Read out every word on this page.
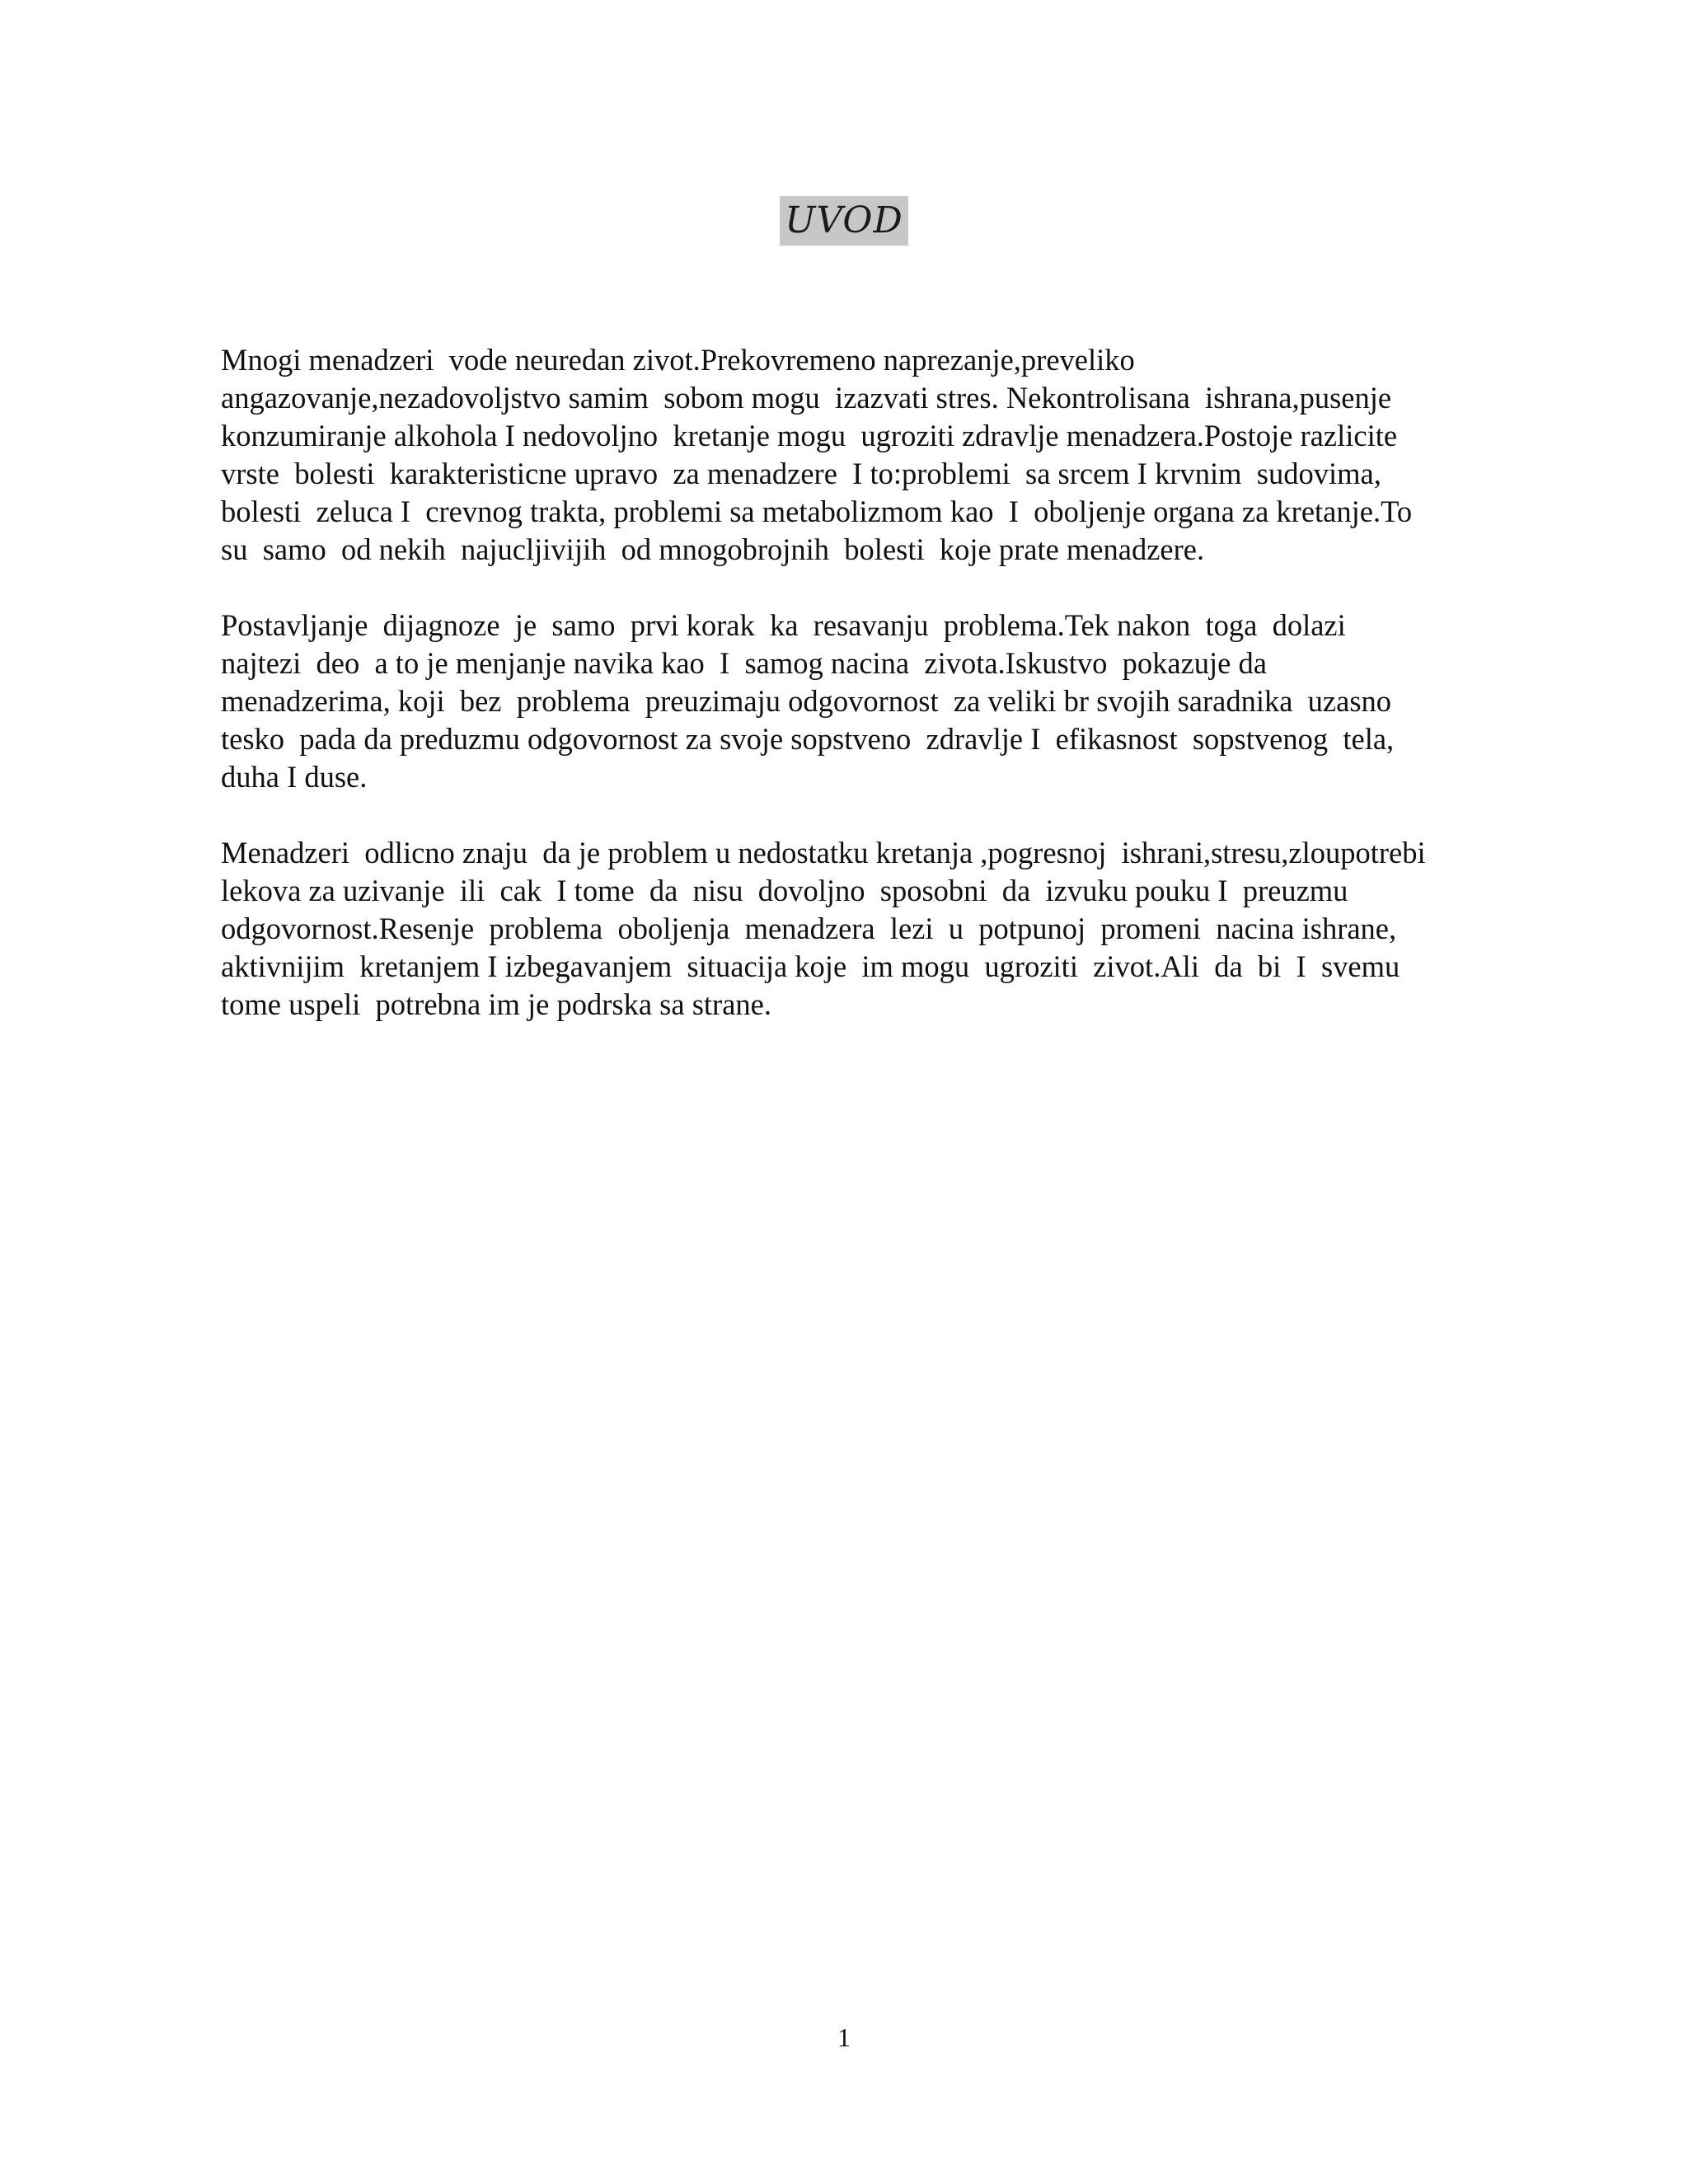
UVOD

Mnogi menadzeri  vode neuredan zivot.Prekovremeno naprezanje,preveliko
angazovanje,nezadovoljstvo samim  sobom mogu  izazvati stres. Nekontrolisana  ishrana,pusenje
konzumiranje alkohola I nedovoljno  kretanje mogu  ugroziti zdravlje menadzera.Postoje razlicite
vrste  bolesti  karakteristicne upravo  za menadzere  I to:problemi  sa srcem I krvnim  sudovima,
bolesti  zeluca I  crevnog trakta, problemi sa metabolizmom kao  I  oboljenje organa za kretanje.To
su  samo  od nekih  najucljivijih  od mnogobrojnih  bolesti  koje prate menadzere.

Postavljanje  dijagnoze  je  samo  prvi korak  ka  resavanju  problema.Tek nakon  toga  dolazi
najtezi  deo  a to je menjanje navika kao  I  samog nacina  zivota.Iskustvo  pokazuje da
menadzerima, koji  bez  problema  preuzimaju odgovornost  za veliki br svojih saradnika  uzasno
tesko  pada da preduzmu odgovornost za svoje sopstveno  zdravlje I  efikasnost  sopstvenog  tela,
duha I duse.

Menadzeri  odlicno znaju  da je problem u nedostatku kretanja ,pogresnoj  ishrani,stresu,zloupotrebi
lekova za uzivanje  ili  cak  I tome  da  nisu  dovoljno  sposobni  da  izvuku pouku I  preuzmu
odgovornost.Resenje  problema  oboljenja  menadzera  lezi  u  potpunoj  promeni  nacina ishrane,
aktivnijim  kretanjem I izbegavanjem  situacija koje  im mogu  ugroziti  zivot.Ali  da  bi  I  svemu
tome uspeli  potrebna im je podrska sa strane.

1
